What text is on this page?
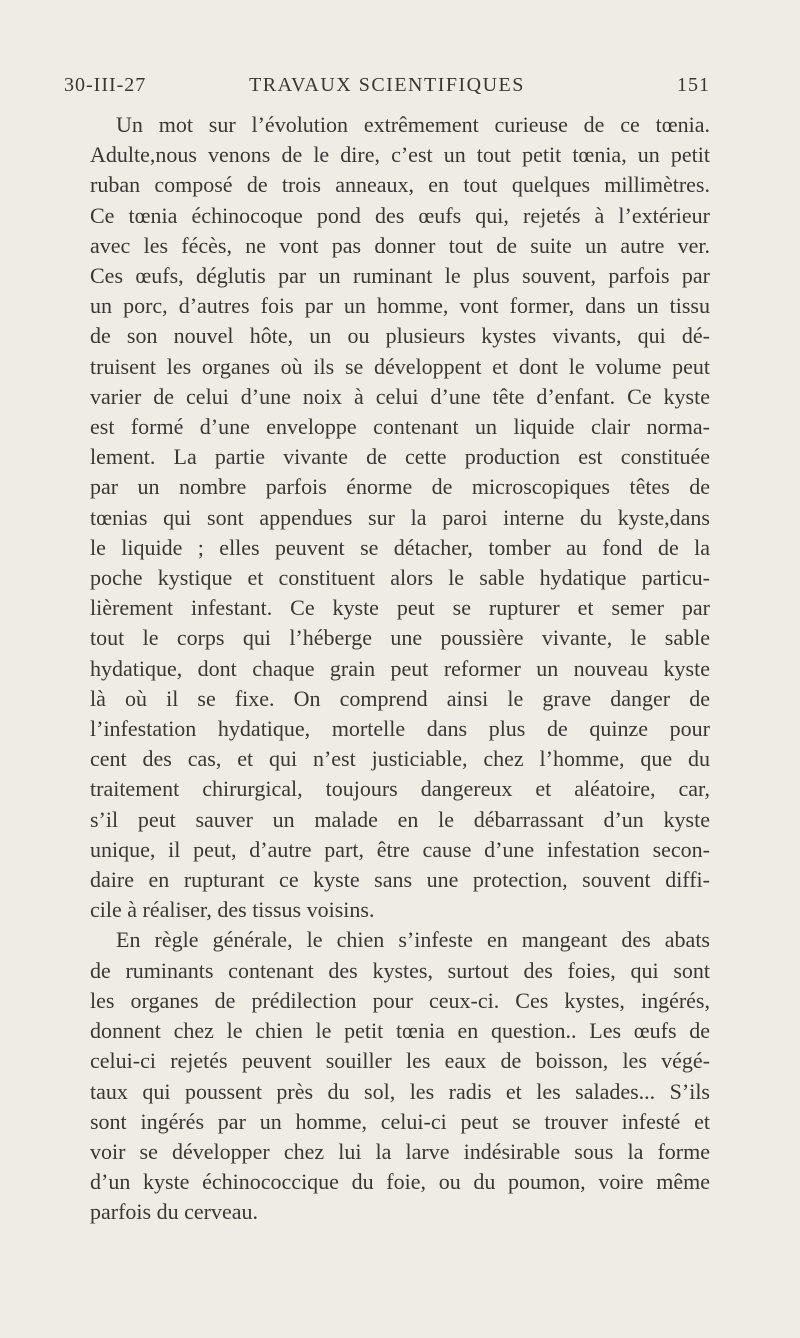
30-III-27	TRAVAUX SCIENTIFIQUES	151
Un mot sur l’évolution extrêmement curieuse de ce tœnia.
Adulte,nous venons de le dire, c’est un tout petit tœnia, un petit
ruban composé de trois anneaux, en tout quelques millimètres.
Ce tœnia échinocoque pond des œufs qui, rejetés à l’extérieur
avec les fécès, ne vont pas donner tout de suite un autre ver.
Ces œufs, déglutis par un ruminant le plus souvent, parfois par
un porc, d’autres fois par un homme, vont former, dans un tissu
de son nouvel hôte, un ou plusieurs kystes vivants, qui dé-
truisent les organes où ils se développent et dont le volume peut
varier de celui d’une noix à celui d’une tête d’enfant. Ce kyste
est formé d’une enveloppe contenant un liquide clair norma-
lement. La partie vivante de cette production est constituée
par un nombre parfois énorme de microscopiques têtes de
tœnias qui sont appendues sur la paroi interne du kyste,dans
le liquide ; elles peuvent se détacher, tomber au fond de la
poche kystique et constituent alors le sable hydatique particu-
lièrement infestant. Ce kyste peut se rupturer et semer par
tout le corps qui l’héberge une poussière vivante, le sable
hydatique, dont chaque grain peut reformer un nouveau kyste
là où il se fixe. On comprend ainsi le grave danger de
l’infestation hydatique, mortelle dans plus de quinze pour
cent des cas, et qui n’est justiciable, chez l’homme, que du
traitement chirurgical, toujours dangereux et aléatoire, car,
s’il peut sauver un malade en le débarrassant d’un kyste
unique, il peut, d’autre part, être cause d’une infestation secon-
daire en rupturant ce kyste sans une protection, souvent diffi-
cile à réaliser, des tissus voisins.
En règle générale, le chien s’infeste en mangeant des abats
de ruminants contenant des kystes, surtout des foies, qui sont
les organes de prédilection pour ceux-ci. Ces kystes, ingérés,
donnent chez le chien le petit tœnia en question.. Les œufs de
celui-ci rejetés peuvent souiller les eaux de boisson, les végé-
taux qui poussent près du sol, les radis et les salades... S’ils
sont ingérés par un homme, celui-ci peut se trouver infesté et
voir se développer chez lui la larve indésirable sous la forme
d’un kyste échinococcique du foie, ou du poumon, voire même
parfois du cerveau.
